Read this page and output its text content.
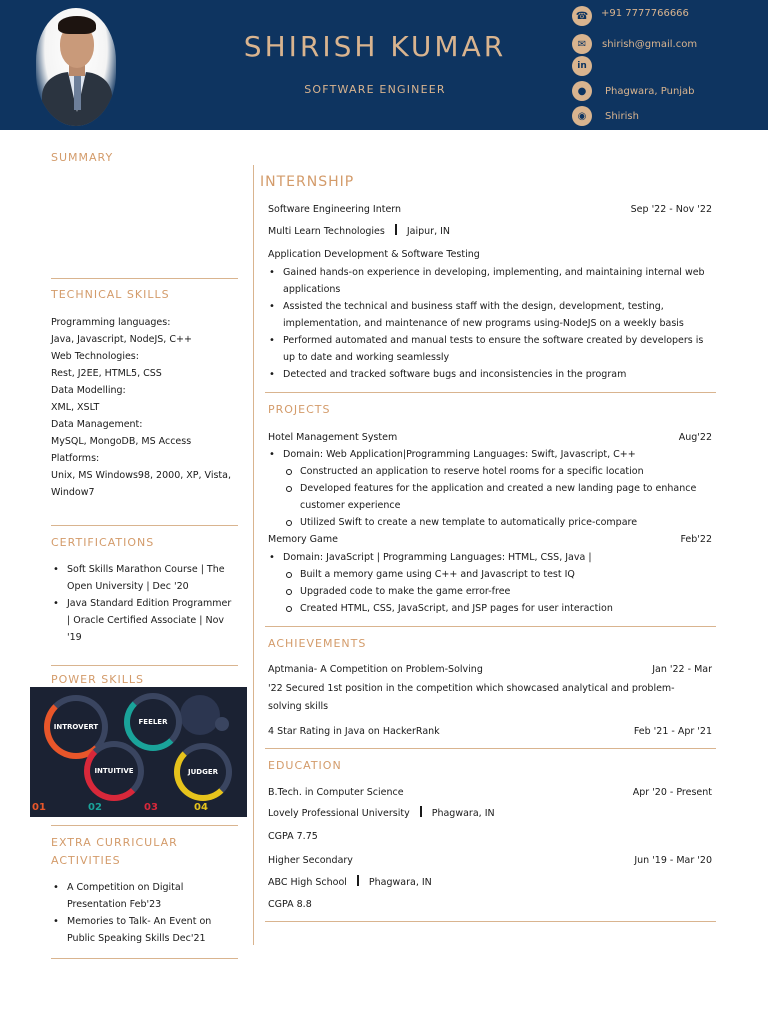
SHIRISH KUMAR
SOFTWARE ENGINEER
☎	+91 7777766666
✉	shirish@gmail.com
in
●	Phagwara, Punjab
◉	Shirish
SUMMARY
TECHNICAL SKILLS
Programming languages:
Java, Javascript, NodeJS, C++
Web Technologies:
Rest, J2EE, HTML5, CSS
Data Modelling:
XML, XSLT
Data Management:
MySQL, MongoDB, MS Access
Platforms:
Unix, MS Windows98, 2000, XP, Vista,
Window7
CERTIFICATIONS
• Soft Skills Marathon Course | The Open University | Dec '20
• Java Standard Edition Programmer | Oracle Certified Associate | Nov '19
POWER SKILLS
INTROVERT
FEELER
INTUITIVE	JUDGER
01	02	03	04
EXTRA CURRICULAR
ACTIVITIES
• A Competition on Digital Presentation Feb'23
• Memories to Talk- An Event on Public Speaking Skills Dec'21
INTERNSHIP
Software Engineering Intern	Sep '22 - Nov '22
Multi Learn Technologies Jaipur, IN
Application Development & Software Testing
• Gained hands-on experience in developing, implementing, and maintaining internal web applications
• Assisted the technical and business staff with the design, development, testing, implementation, and maintenance of new programs using-NodeJS on a weekly basis
• Performed automated and manual tests to ensure the software created by developers is up to date and working seamlessly
• Detected and tracked software bugs and inconsistencies in the program
PROJECTS
Hotel Management System	Aug'22
• Domain: Web Application|Programming Languages: Swift, Javascript, C++
Constructed an application to reserve hotel rooms for a specific location
Developed features for the application and created a new landing page to enhance customer experience
Utilized Swift to create a new template to automatically price-compare
Memory Game	Feb'22
• Domain: JavaScript | Programming Languages: HTML, CSS, Java |
Built a memory game using C++ and Javascript to test IQ
Upgraded code to make the game error-free
Created HTML, CSS, JavaScript, and JSP pages for user interaction
ACHIEVEMENTS
Aptmania- A Competition on Problem-Solving	Jan '22 - Mar
'22 Secured 1st position in the competition which showcased analytical and problem-
solving skills
4 Star Rating in Java on HackerRank	Feb '21 - Apr '21
EDUCATION
B.Tech. in Computer Science	Apr '20 - Present
Lovely Professional University Phagwara, IN
CGPA 7.75
Higher Secondary	Jun '19 - Mar '20
ABC High School Phagwara, IN
CGPA 8.8
